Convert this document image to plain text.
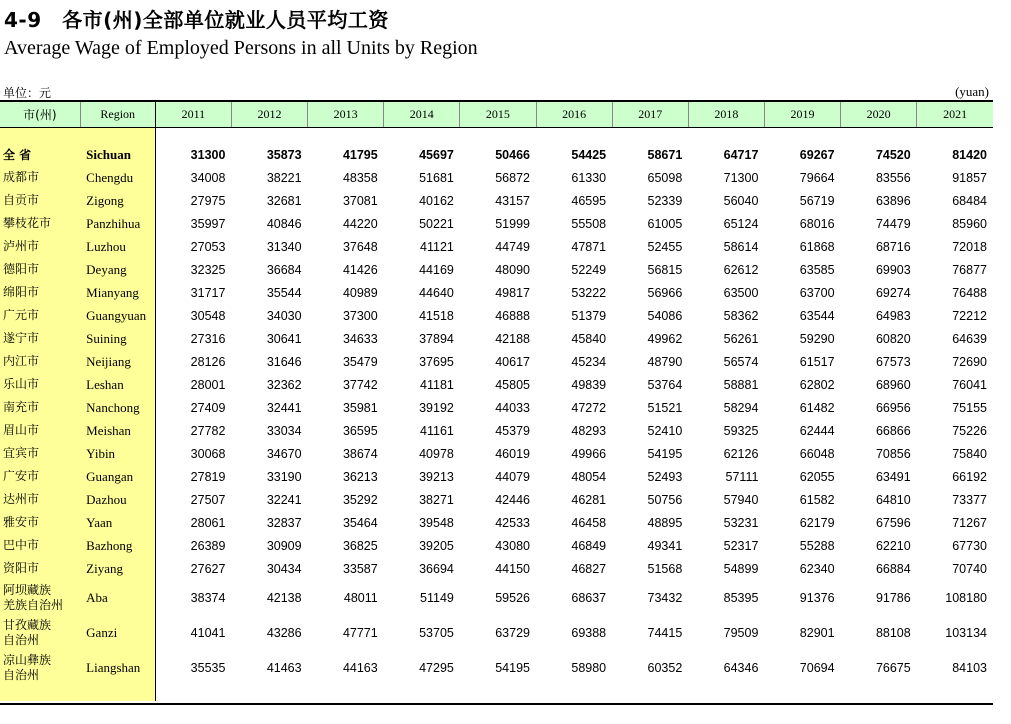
4-9　各市(州)全部单位就业人员平均工资
Average Wage of Employed Persons in all Units by Region
单位：元	(yuan)
市(州)	Region	2011	2012	2013	2014	2015	2016	2017	2018	2019	2020	2021

全 省	Sichuan	31300	35873	41795	45697	50466	54425	58671	64717	69267	74520	81420
成都市	Chengdu	34008	38221	48358	51681	56872	61330	65098	71300	79664	83556	91857
自贡市	Zigong	27975	32681	37081	40162	43157	46595	52339	56040	56719	63896	68484
攀枝花市	Panzhihua	35997	40846	44220	50221	51999	55508	61005	65124	68016	74479	85960
泸州市	Luzhou	27053	31340	37648	41121	44749	47871	52455	58614	61868	68716	72018
德阳市	Deyang	32325	36684	41426	44169	48090	52249	56815	62612	63585	69903	76877
绵阳市	Mianyang	31717	35544	40989	44640	49817	53222	56966	63500	63700	69274	76488
广元市	Guangyuan	30548	34030	37300	41518	46888	51379	54086	58362	63544	64983	72212
遂宁市	Suining	27316	30641	34633	37894	42188	45840	49962	56261	59290	60820	64639
内江市	Neijiang	28126	31646	35479	37695	40617	45234	48790	56574	61517	67573	72690
乐山市	Leshan	28001	32362	37742	41181	45805	49839	53764	58881	62802	68960	76041
南充市	Nanchong	27409	32441	35981	39192	44033	47272	51521	58294	61482	66956	75155
眉山市	Meishan	27782	33034	36595	41161	45379	48293	52410	59325	62444	66866	75226
宜宾市	Yibin	30068	34670	38674	40978	46019	49966	54195	62126	66048	70856	75840
广安市	Guangan	27819	33190	36213	39213	44079	48054	52493	57111	62055	63491	66192
达州市	Dazhou	27507	32241	35292	38271	42446	46281	50756	57940	61582	64810	73377
雅安市	Yaan	28061	32837	35464	39548	42533	46458	48895	53231	62179	67596	71267
巴中市	Bazhong	26389	30909	36825	39205	43080	46849	49341	52317	55288	62210	67730
资阳市	Ziyang	27627	30434	33587	36694	44150	46827	51568	54899	62340	66884	70740
阿坝藏族
羌族自治州	Aba	38374	42138	48011	51149	59526	68637	73432	85395	91376	91786	108180
甘孜藏族
自治州	Ganzi	41041	43286	47771	53705	63729	69388	74415	79509	82901	88108	103134
凉山彝族
自治州	Liangshan	35535	41463	44163	47295	54195	58980	60352	64346	70694	76675	84103
